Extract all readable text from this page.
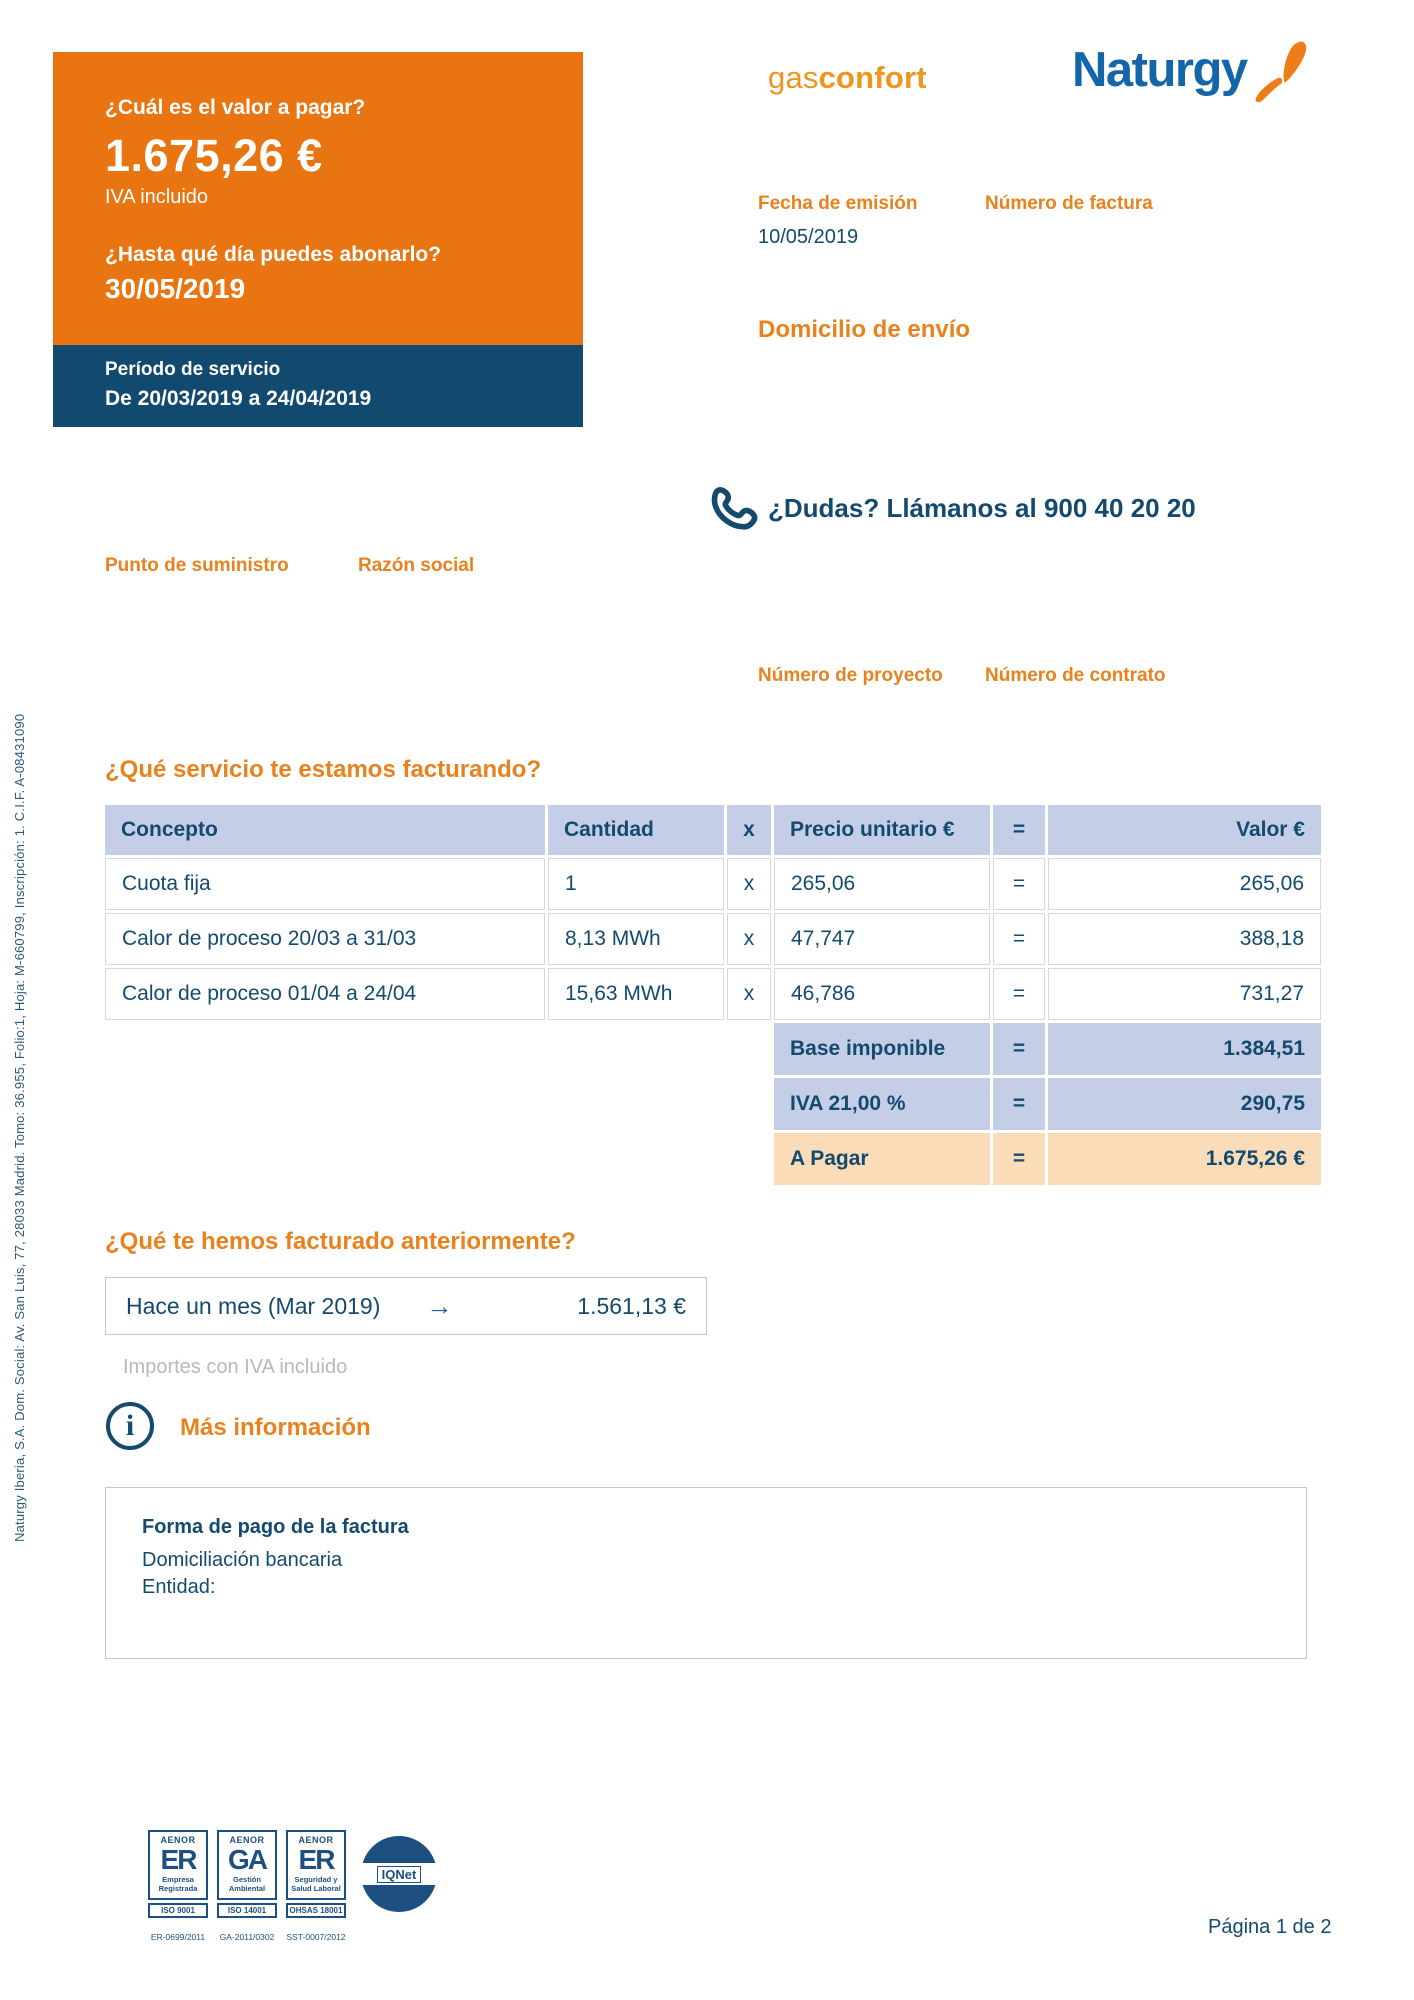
Naturgy Iberia, S.A. Dom. Social: Av. San Luis, 77, 28033 Madrid. Tomo: 36.955, Folio:1, Hoja: M-660799, Inscripción: 1. C.I.F. A-08431090
¿Cuál es el valor a pagar?
1.675,26 €
IVA incluido
¿Hasta qué día puedes abonarlo?
30/05/2019
Período de servicio
De 20/03/2019 a 24/04/2019
gasconfort	Naturgy
Fecha de emisión	Número de factura
10/05/2019
Domicilio de envío
¿Dudas? Llámanos al 900 40 20 20
Punto de suministro	Razón social
Número de proyecto Número de contrato
¿Qué servicio te estamos facturando?
Concepto	Cantidad	x	Precio unitario €	=	Valor €
Cuota fija	1	x	265,06	=	265,06
Calor de proceso 20/03 a 31/03	8,13 MWh	x	47,747	=	388,18
Calor de proceso 01/04 a 24/04	15,63 MWh	x	46,786	=	731,27
Base imponible	=	1.384,51
IVA 21,00 %	=	290,75
A Pagar	=	1.675,26 €
¿Qué te hemos facturado anteriormente?
Hace un mes (Mar 2019) →	1.561,13 €
Importes con IVA incluido
i Más información
Forma de pago de la factura
Domiciliación bancaria
Entidad:
AENOR
ER
Empresa Registrada
ISO 9001
ER-0699/2011
AENOR
GA
Gestión Ambiental
ISO 14001
GA-2011/0302
AENOR
ER
Seguridad y Salud Laboral
OHSAS 18001
SST-0007/2012
IQNet
Página 1 de 2
